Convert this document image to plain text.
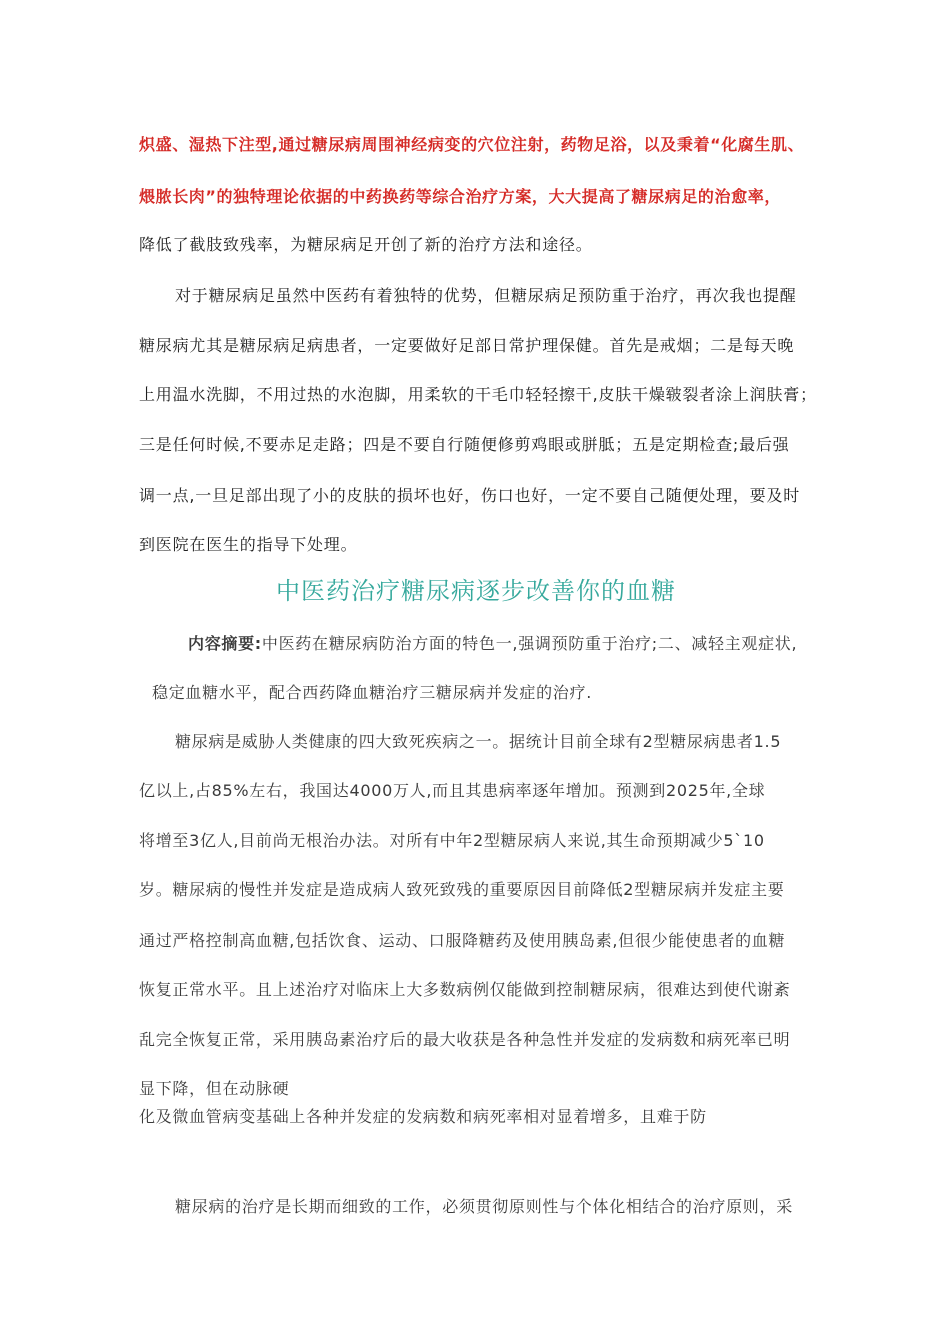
炽盛、湿热下注型,通过糖尿病周围神经病变的穴位注射，药物足浴，以及秉着“化腐生肌、

煨脓长肉”的独特理论依据的中药换药等综合治疗方案，大大提高了糖尿病足的治愈率，

降低了截肢致残率，为糖尿病足开创了新的治疗方法和途径。

对于糖尿病足虽然中医药有着独特的优势，但糖尿病足预防重于治疗，再次我也提醒

糖尿病尤其是糖尿病足病患者，一定要做好足部日常护理保健。首先是戒烟；二是每天晚

上用温水洗脚，不用过热的水泡脚，用柔软的干毛巾轻轻擦干,皮肤干燥皲裂者涂上润肤膏；

三是任何时候,不要赤足走路；四是不要自行随便修剪鸡眼或胼胝；五是定期检查;最后强

调一点,一旦足部出现了小的皮肤的损坏也好，伤口也好，一定不要自己随便处理，要及时

到医院在医生的指导下处理。

中医药治疗糖尿病逐步改善你的血糖

内容摘要:中医药在糖尿病防治方面的特色一,强调预防重于治疗;二、减轻主观症状,

稳定血糖水平，配合西药降血糖治疗三糖尿病并发症的治疗.

糖尿病是威胁人类健康的四大致死疾病之一。据统计目前全球有2型糖尿病患者1.5

亿以上,占85%左右，我国达4000万人,而且其患病率逐年增加。预测到2025年,全球

将增至3亿人,目前尚无根治办法。对所有中年2型糖尿病人来说,其生命预期减少5`10

岁。糖尿病的慢性并发症是造成病人致死致残的重要原因目前降低2型糖尿病并发症主要

通过严格控制高血糖,包括饮食、运动、口服降糖药及使用胰岛素,但很少能使患者的血糖

恢复正常水平。且上述治疗对临床上大多数病例仅能做到控制糖尿病，很难达到使代谢紊

乱完全恢复正常，采用胰岛素治疗后的最大收获是各种急性并发症的发病数和病死率已明

显下降，但在动脉硬

化及微血管病变基础上各种并发症的发病数和病死率相对显着增多，且难于防

糖尿病的治疗是长期而细致的工作，必须贯彻原则性与个体化相结合的治疗原则，采
